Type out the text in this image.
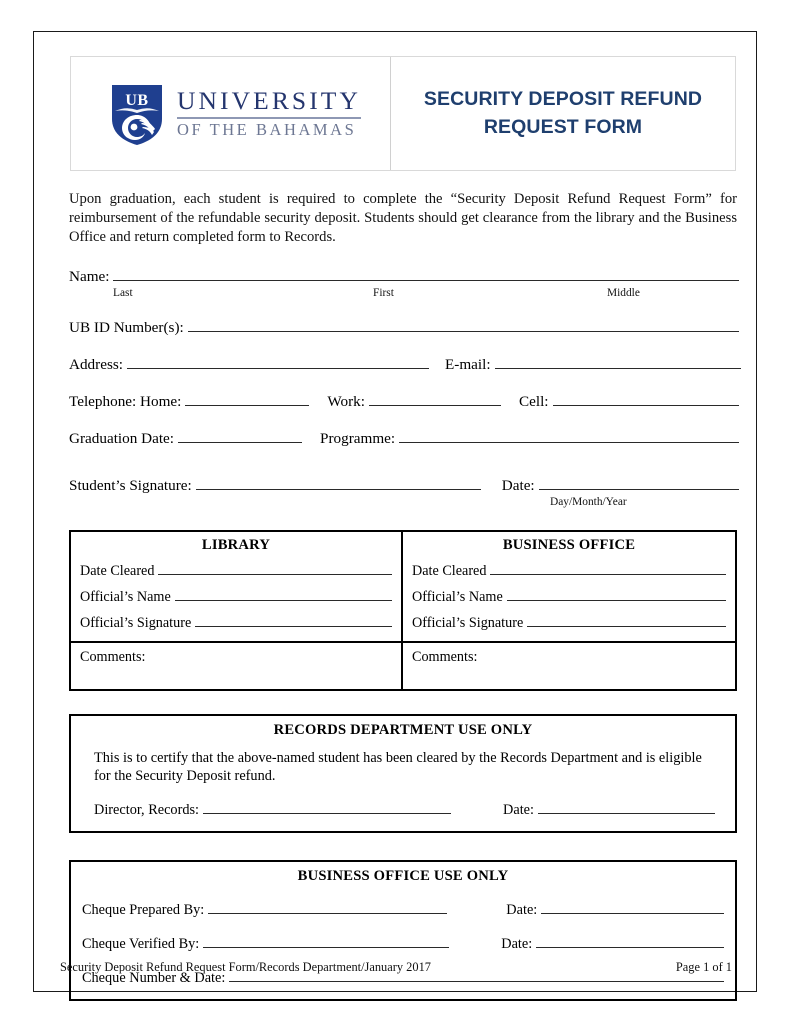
UB UNIVERSITY
OF THE BAHAMAS
SECURITY DEPOSIT REFUND
REQUEST FORM
Upon graduation, each student is required to complete the “Security Deposit Refund Request Form” for reimbursement of the refundable security deposit. Students should get clearance from the library and the Business Office and return completed form to Records.
Name:
Last	First	Middle
UB ID Number(s):
Address:	E-mail:
Telephone: Home:	Work:	Cell:
Graduation Date:	Programme:
Student’s Signature:	Date:
Day/Month/Year
LIBRARY
Date Cleared
Official’s Name
Official’s Signature
Comments:
BUSINESS OFFICE
Date Cleared
Official’s Name
Official’s Signature
Comments:
RECORDS DEPARTMENT USE ONLY
This is to certify that the above-named student has been cleared by the Records Department and is eligible for the Security Deposit refund.
Director, Records:	Date:
BUSINESS OFFICE USE ONLY
Cheque Prepared By:	Date:
Cheque Verified By:	Date:
Cheque Number & Date:
Security Deposit Refund Request Form/Records Department/January 2017	Page 1 of 1
